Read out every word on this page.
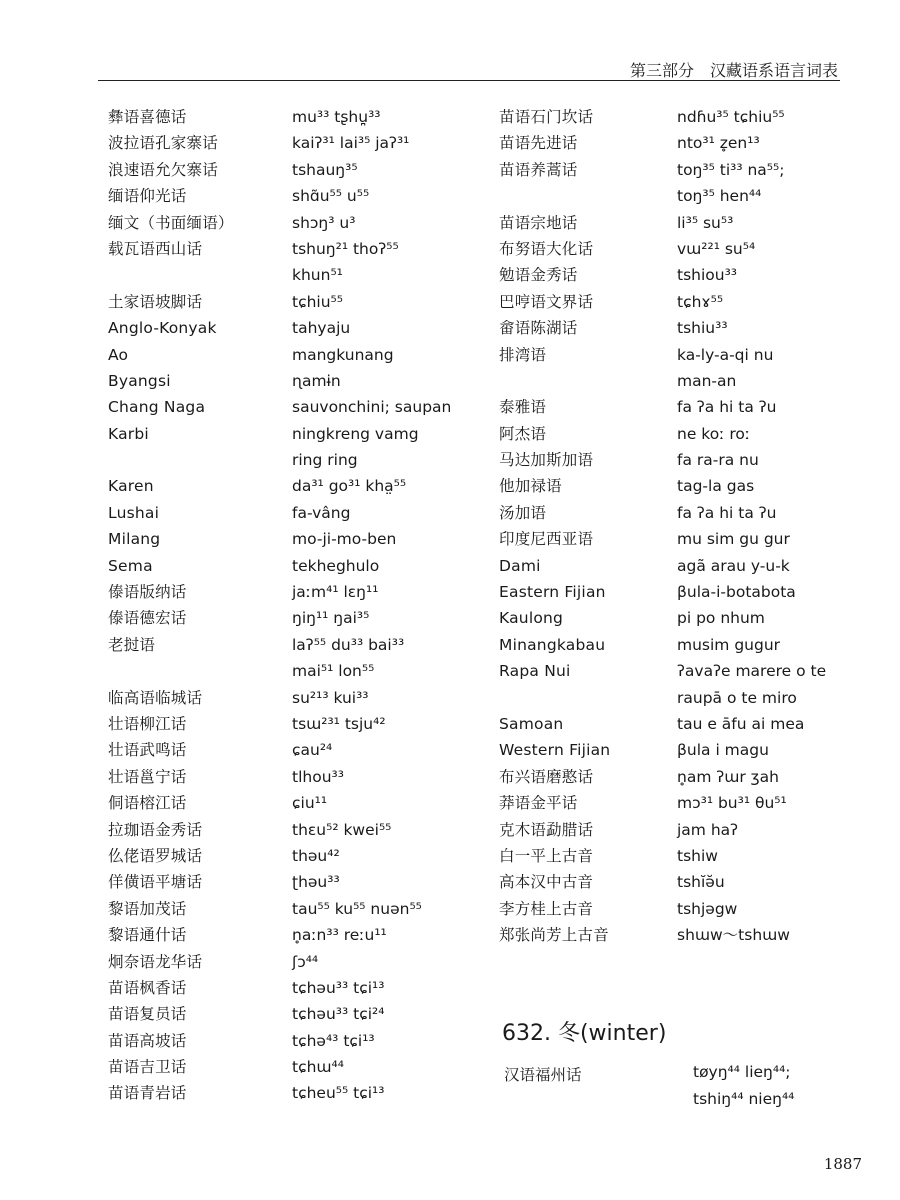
第三部分　汉藏语系语言词表
彝语喜德话
波拉语孔家寨话
浪速语允欠寨话
缅语仰光话
缅文（书面缅语）
载瓦语西山话
土家语坡脚话
Anglo-Konyak
Ao
Byangsi
Chang Naga
Karbi
Karen
Lushai
Milang
Sema
傣语版纳话
傣语德宏话
老挝语
临高语临城话
壮语柳江话
壮语武鸣话
壮语邕宁话
侗语榕江话
拉珈语金秀话
仫佬语罗城话
佯僙语平塘话
黎语加茂话
黎语通什话
炯奈语龙华话
苗语枫香话
苗语复员话
苗语高坡话
苗语吉卫话
苗语青岩话
mu³³ tʂhu̪³³
kaiʔ³¹ lai³⁵ jaʔ³¹
tshauŋ³⁵
shɑ̃u⁵⁵ u⁵⁵
shɔŋ³ u³
tshuŋ²¹ thoʔ⁵⁵
khun⁵¹
tɕhiu⁵⁵
tahyaju
mangkunang
ɳamɨn
sauvonchini; saupan
ningkreng vamg
ring ring
da³¹ go³¹ kha̤⁵⁵
fa-vâng
mo-ji-mo-ben
tekheghulo
jaːm⁴¹ lɛŋ¹¹
ŋiŋ¹¹ ŋai³⁵
laʔ⁵⁵ du³³ bai³³
mai⁵¹ lon⁵⁵
su²¹³ kui³³
tsɯ²³¹ tsju⁴²
ɕau²⁴
tlhou³³
ɕiu¹¹
thɛu⁵² kwei⁵⁵
thəu⁴²
ʈhəu³³
tau⁵⁵ ku⁵⁵ nuən⁵⁵
n̥aːn³³ reːu¹¹
ʃɔ⁴⁴
tɕhəu³³ tɕi¹³
tɕhəu³³ tɕi²⁴
tɕhə⁴³ tɕi¹³
tɕhɯ⁴⁴
tɕheu⁵⁵ tɕi¹³
苗语石门坎话
苗语先进话
苗语养蒿话
苗语宗地话
布努语大化话
勉语金秀话
巴哼语文界话
畲语陈湖话
排湾语
泰雅语
阿杰语
马达加斯加语
他加禄语
汤加语
印度尼西亚语
Dami
Eastern Fijian
Kaulong
Minangkabau
Rapa Nui
Samoan
Western Fijian
布兴语磨憨话
莽语金平话
克木语勐腊话
白一平上古音
高本汉中古音
李方桂上古音
郑张尚芳上古音
ndɦu³⁵ tɕhiu⁵⁵
nto³¹ z̥en¹³
toŋ³⁵ ti³³ na⁵⁵;
toŋ³⁵ hen⁴⁴
li³⁵ su⁵³
vɯ²²¹ su⁵⁴
tshiou³³
tɕhɤ⁵⁵
tshiu³³
ka-ly-a-qi nu
man-an
fa ʔa hi ta ʔu
ne koː roː
fa ra-ra nu
tag-la gas
fa ʔa hi ta ʔu
mu sim gu gur
agã arau y-u-k
βula-i-botabota
pi po nhum
musim gugur
ʔavaʔe marere o te
raupā o te miro
tau e āfu ai mea
βula i magu
n̥am ʔɯr ʒah
mɔ³¹ bu³¹ θu⁵¹
jam haʔ
tshiw
tshĭə̆u
tshjəgw
shɯw～tshɯw
632. 冬(winter)
汉语福州话	tøyŋ⁴⁴ lieŋ⁴⁴;
tshiŋ⁴⁴ nieŋ⁴⁴
1887
